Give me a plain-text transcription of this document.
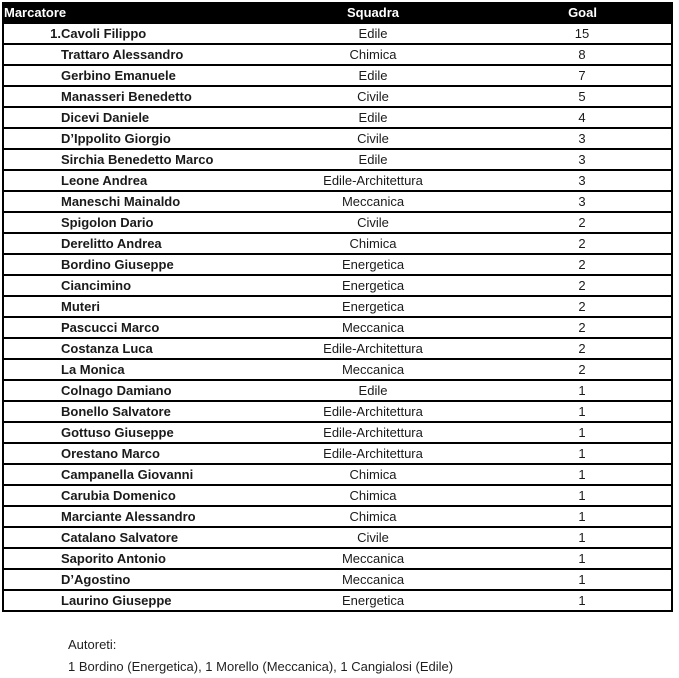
Marcatore		Squadra	Goal
1.	Cavoli Filippo	Edile	15
	Trattaro Alessandro	Chimica	8
	Gerbino Emanuele	Edile	7
	Manasseri Benedetto	Civile	5
	Dicevi Daniele	Edile	4
	D’Ippolito Giorgio	Civile	3
	Sirchia Benedetto Marco	Edile	3
	Leone Andrea	Edile-Architettura	3
	Maneschi Mainaldo	Meccanica	3
	Spigolon Dario	Civile	2
	Derelitto Andrea	Chimica	2
	Bordino Giuseppe	Energetica	2
	Ciancimino	Energetica	2
	Muteri	Energetica	2
	Pascucci Marco	Meccanica	2
	Costanza Luca	Edile-Architettura	2
	La Monica	Meccanica	2
	Colnago Damiano	Edile	1
	Bonello Salvatore	Edile-Architettura	1
	Gottuso Giuseppe	Edile-Architettura	1
	Orestano Marco	Edile-Architettura	1
	Campanella Giovanni	Chimica	1
	Carubia Domenico	Chimica	1
	Marciante Alessandro	Chimica	1
	Catalano Salvatore	Civile	1
	Saporito Antonio	Meccanica	1
	D’Agostino	Meccanica	1
	Laurino Giuseppe	Energetica	1
Autoreti:
1 Bordino (Energetica), 1 Morello (Meccanica), 1 Cangialosi (Edile)
